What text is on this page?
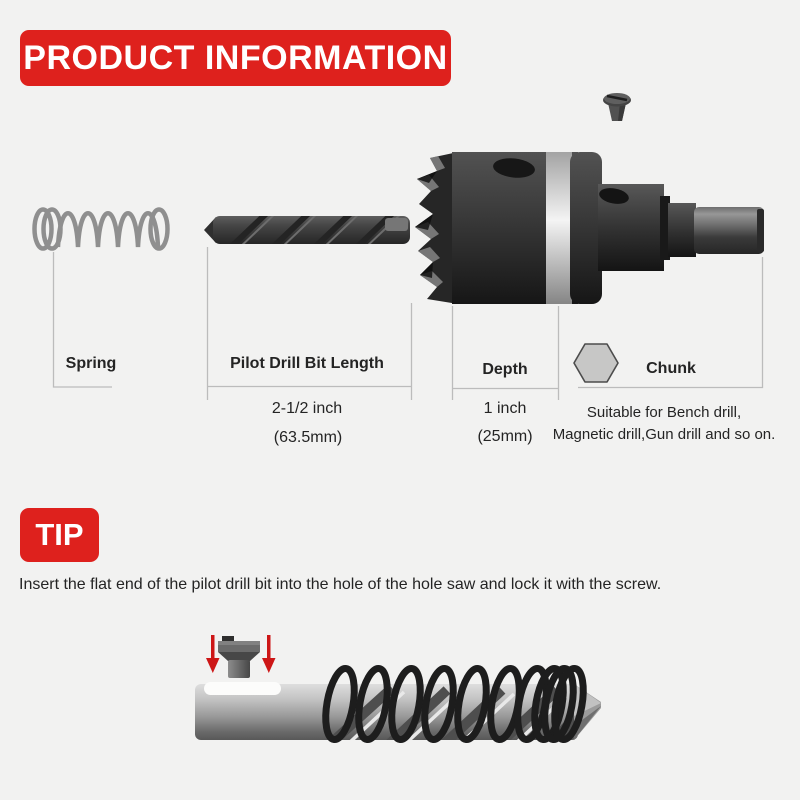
PRODUCT INFORMATION
Spring	Pilot Drill Bit Length
2-1/2 inch
(63.5mm)
Depth
1 inch
(25mm)
Chunk
Suitable for Bench drill,
Magnetic drill,Gun drill and so on.
TIP
Insert the flat end of the pilot drill bit into the hole of the hole saw and lock it with the screw.
